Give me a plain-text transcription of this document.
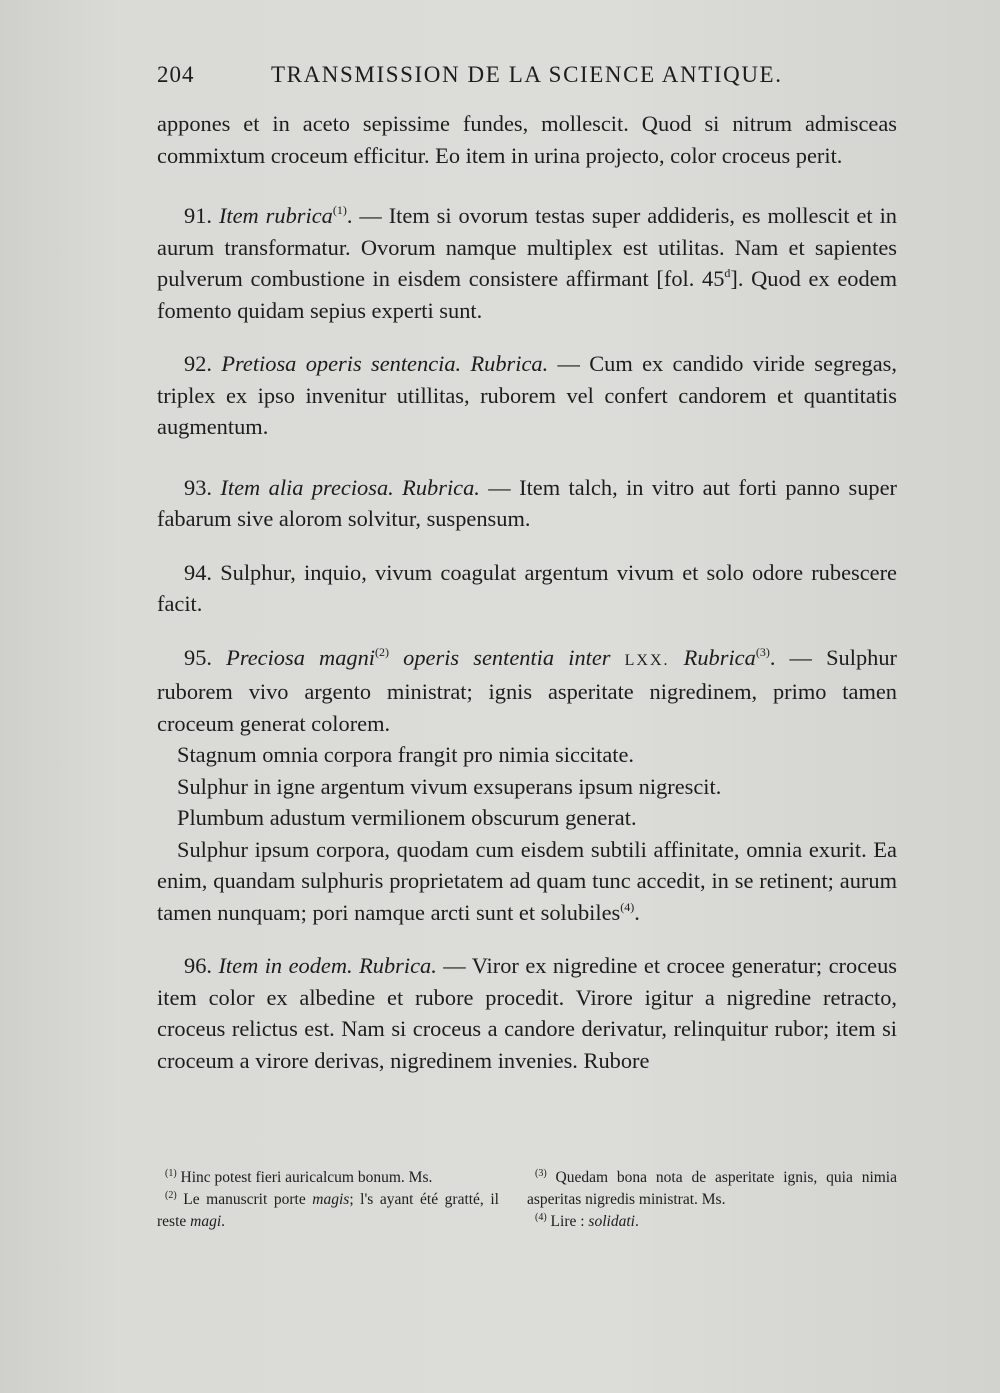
204	TRANSMISSION DE LA SCIENCE ANTIQUE.

appones et in aceto sepissime fundes, mollescit. Quod si nitrum admisceas commixtum croceum efficitur. Eo item in urina projecto, color croceus perit.

91. Item rubrica$^{(1)}$. — Item si ovorum testas super addideris, es mollescit et in aurum transformatur. Ovorum namque multiplex est utilitas. Nam et sapientes pulverum combustione in eisdem consistere affirmant [fol. 45$^d$]. Quod ex eodem fomento quidam sepius experti sunt.

92. Pretiosa operis sentencia. Rubrica. — Cum ex candido viride segregas, triplex ex ipso invenitur utillitas, ruborem vel confert candorem et quantitatis augmentum.

93. Item alia preciosa. Rubrica. — Item talch, in vitro aut forti panno super fabarum sive alorom solvitur, suspensum.

94. Sulphur, inquio, vivum coagulat argentum vivum et solo odore rubescere facit.

95. Preciosa magni$^{(2)}$ operis sententia inter LXX. Rubrica$^{(3)}$. — Sulphur ruborem vivo argento ministrat; ignis asperitate nigredinem, primo tamen croceum generat colorem.

Stagnum omnia corpora frangit pro nimia siccitate.

Sulphur in igne argentum vivum exsuperans ipsum nigrescit.

Plumbum adustum vermilionem obscurum generat.

Sulphur ipsum corpora, quodam cum eisdem subtili affinitate, omnia exurit. Ea enim, quandam sulphuris proprietatem ad quam tunc accedit, in se retinent; aurum tamen nunquam; pori namque arcti sunt et solubiles$^{(4)}$.

96. Item in eodem. Rubrica. — Viror ex nigredine et crocee generatur; croceus item color ex albedine et rubore procedit. Virore igitur a nigredine retracto, croceus relictus est. Nam si croceus a candore derivatur, relinquitur rubor; item si croceum a virore derivas, nigredinem invenies. Rubore

$^{(1)}$ Hinc potest fieri auricalcum bonum. Ms.

$^{(2)}$ Le manuscrit porte magis; l's ayant été gratté, il reste magi.

$^{(3)}$ Quedam bona nota de asperitate ignis, quia nimia asperitas nigredis ministrat. Ms.

$^{(4)}$ Lire : solidati.
